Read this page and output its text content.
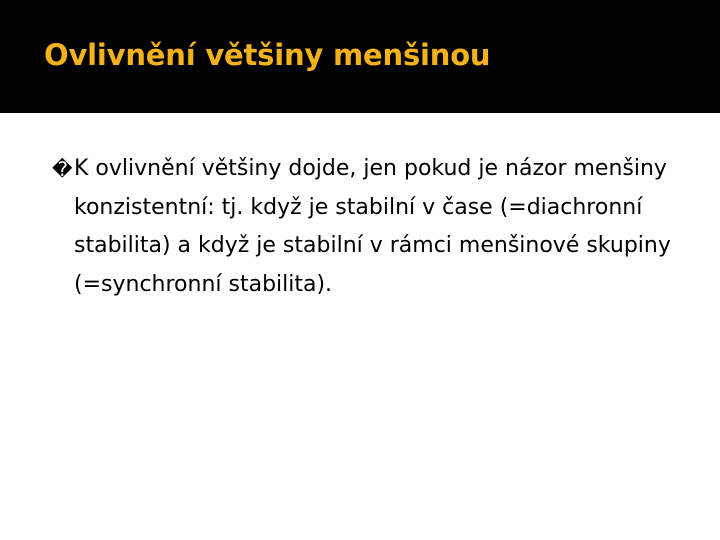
Ovlivnění většiny menšinou

� K ovlivnění většiny dojde, jen pokud je názor menšiny konzistentní: tj. když je stabilní v čase (=diachronní stabilita) a když je stabilní v rámci menšinové skupiny (=synchronní stabilita).
